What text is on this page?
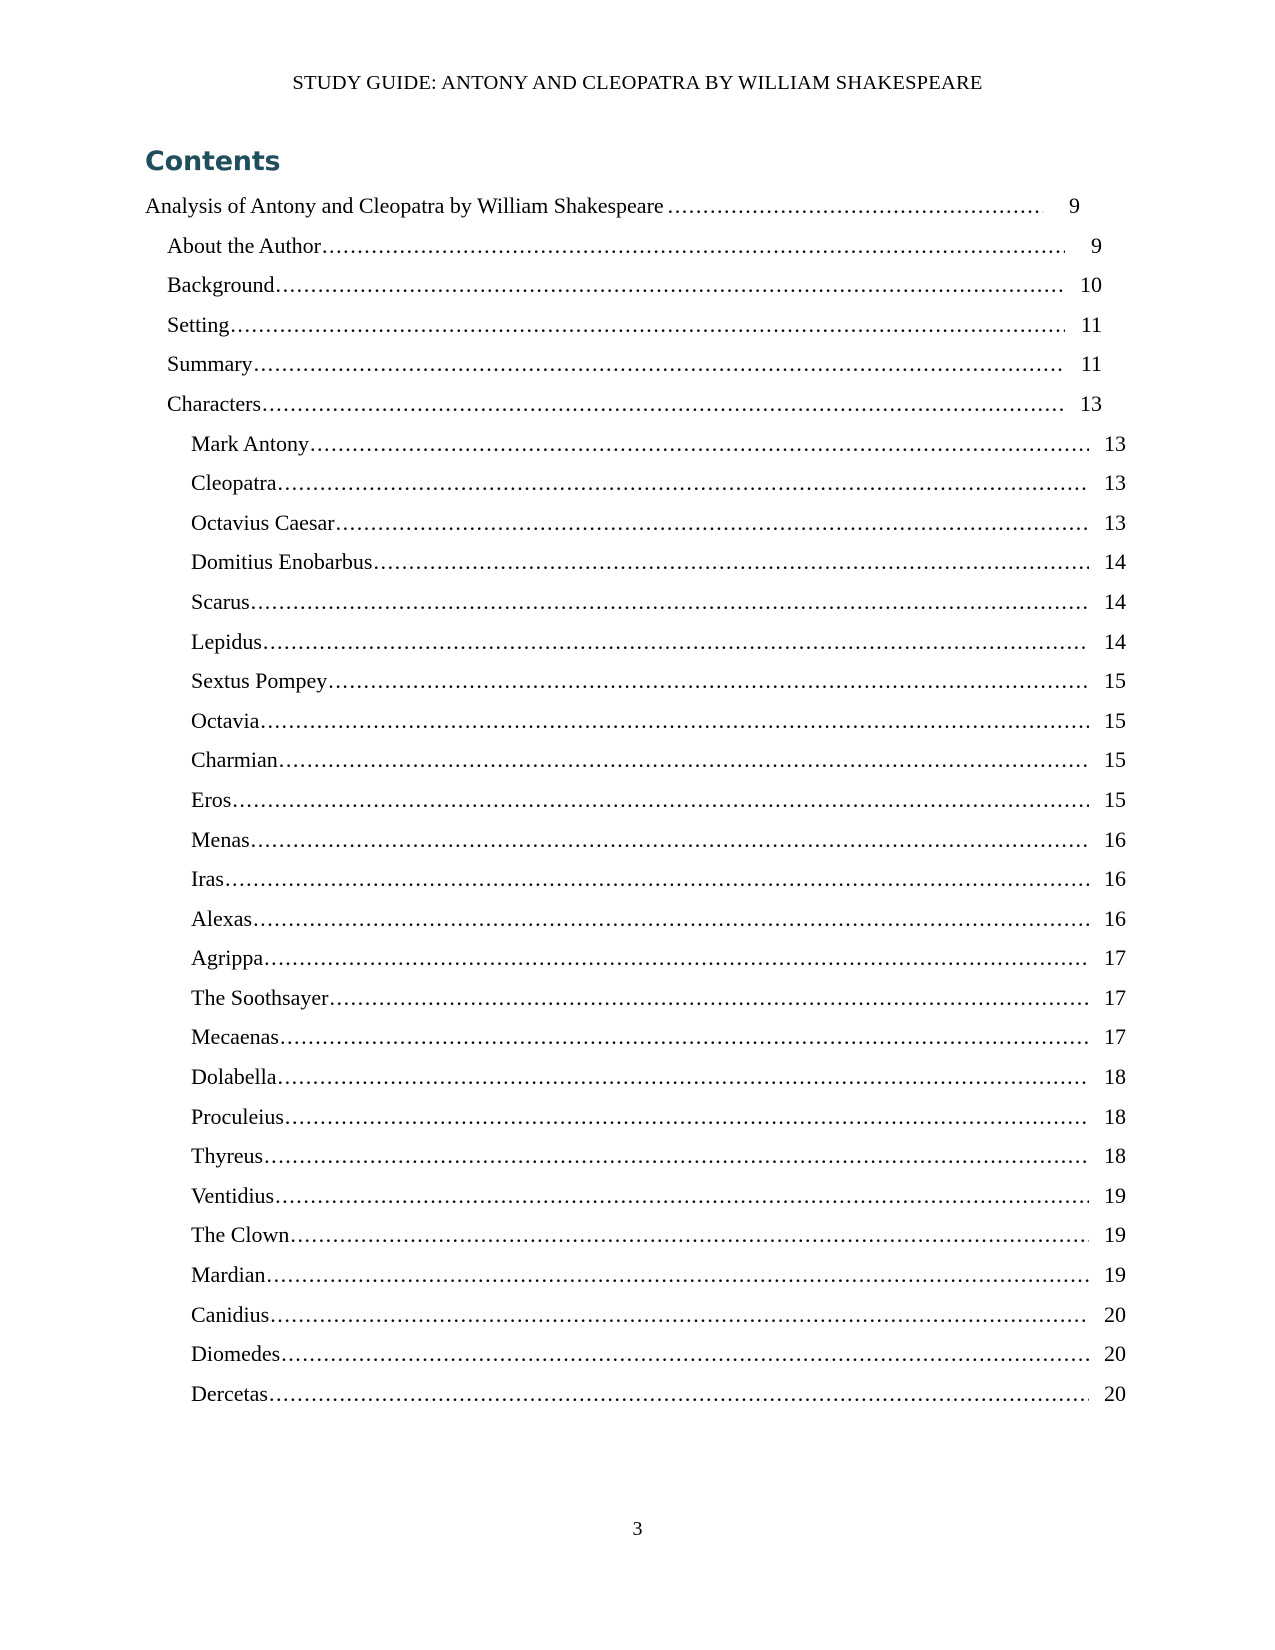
STUDY GUIDE: ANTONY AND CLEOPATRA BY WILLIAM SHAKESPEARE
Contents
Analysis of Antony and Cleopatra by William Shakespeare .....	9
About the Author .....	9
Background .....	10
Setting .....	11
Summary .....	11
Characters .....	13
Mark Antony .....	13
Cleopatra .....	13
Octavius Caesar .....	13
Domitius Enobarbus .....	14
Scarus .....	14
Lepidus .....	14
Sextus Pompey .....	15
Octavia .....	15
Charmian .....	15
Eros .....	15
Menas .....	16
Iras .....	16
Alexas .....	16
Agrippa .....	17
The Soothsayer .....	17
Mecaenas .....	17
Dolabella .....	18
Proculeius .....	18
Thyreus .....	18
Ventidius .....	19
The Clown .....	19
Mardian .....	19
Canidius .....	20
Diomedes .....	20
Dercetas .....	20
3
